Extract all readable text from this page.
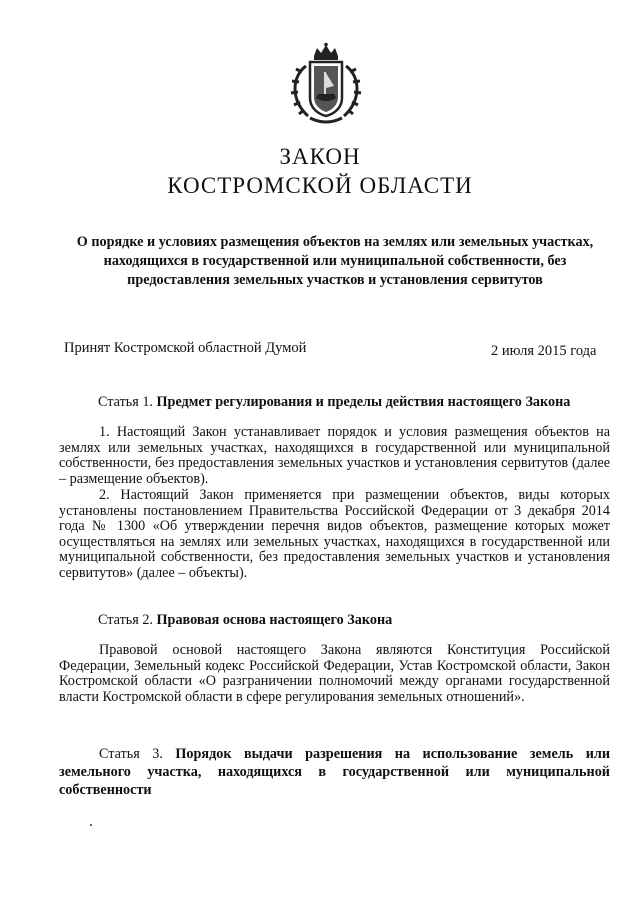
ЗАКОН
КОСТРОМСКОЙ ОБЛАСТИ
О порядке и условиях размещения объектов на землях или земельных участках, находящихся в государственной или муниципальной собственности, без предоставления земельных участков и установления сервитутов
Принят Костромской областной Думой	2 июля 2015 года
Статья 1. Предмет регулирования и пределы действия настоящего Закона
1. Настоящий Закон устанавливает порядок и условия размещения объектов на землях или земельных участках, находящихся в государственной или муниципальной собственности, без предоставления земельных участков и установления сервитутов (далее – размещение объектов).
2. Настоящий Закон применяется при размещении объектов, виды которых установлены постановлением Правительства Российской Федерации от 3 декабря 2014 года № 1300 «Об утверждении перечня видов объектов, размещение которых может осуществляться на землях или земельных участках, находящихся в государственной или муниципальной собственности, без предоставления земельных участков и установления сервитутов» (далее – объекты).
Статья 2. Правовая основа настоящего Закона
Правовой основой настоящего Закона являются Конституция Российской Федерации, Земельный кодекс Российской Федерации, Устав Костромской области, Закон Костромской области «О разграничении полномочий между органами государственной власти Костромской области в сфере регулирования земельных отношений».
Статья 3. Порядок выдачи разрешения на использование земель или земельного участка, находящихся в государственной или муниципальной собственности
